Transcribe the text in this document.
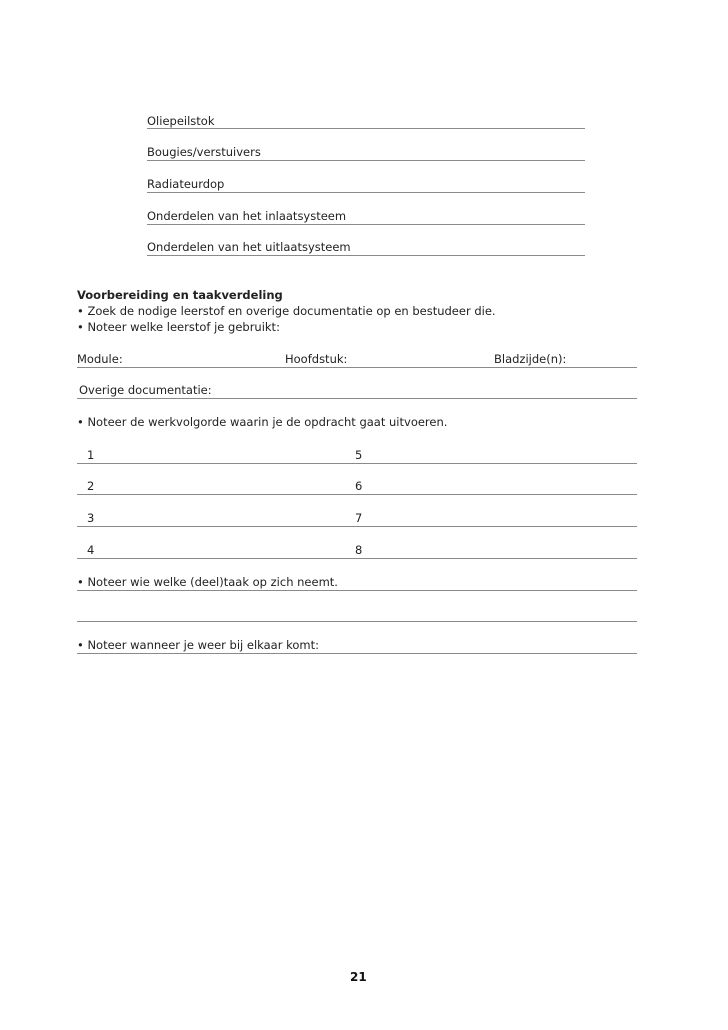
Oliepeilstok
Bougies/verstuivers
Radiateurdop
Onderdelen van het inlaatsysteem
Onderdelen van het uitlaatsysteem
Voorbereiding en taakverdeling
• Zoek de nodige leerstof en overige documentatie op en bestudeer die.
• Noteer welke leerstof je gebruikt:
Module:	Hoofdstuk:	Bladzijde(n):
Overige documentatie:
• Noteer de werkvolgorde waarin je de opdracht gaat uitvoeren.
1	5
2	6
3	7
4	8
• Noteer wie welke (deel)taak op zich neemt.
• Noteer wanneer je weer bij elkaar komt:
21
